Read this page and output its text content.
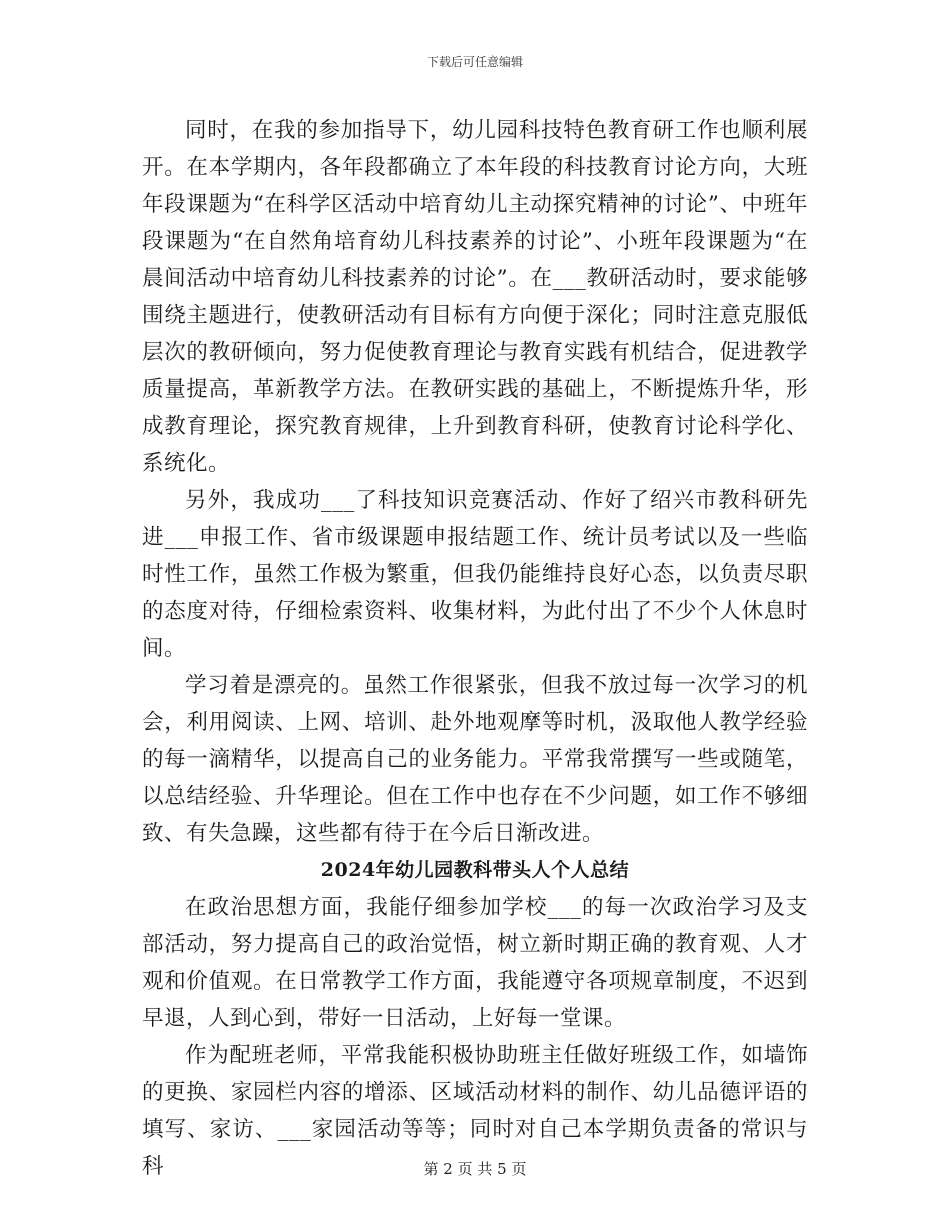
下载后可任意编辑

同时，在我的参加指导下，幼儿园科技特色教育研工作也顺利展开。在本学期内，各年段都确立了本年段的科技教育讨论方向，大班年段课题为“在科学区活动中培育幼儿主动探究精神的讨论”、中班年段课题为“在自然角培育幼儿科技素养的讨论”、小班年段课题为“在晨间活动中培育幼儿科技素养的讨论”。在___教研活动时，要求能够围绕主题进行，使教研活动有目标有方向便于深化；同时注意克服低层次的教研倾向，努力促使教育理论与教育实践有机结合，促进教学质量提高，革新教学方法。在教研实践的基础上，不断提炼升华，形成教育理论，探究教育规律，上升到教育科研，使教育讨论科学化、系统化。

另外，我成功___了科技知识竞赛活动、作好了绍兴市教科研先进___申报工作、省市级课题申报结题工作、统计员考试以及一些临时性工作，虽然工作极为繁重，但我仍能维持良好心态，以负责尽职的态度对待，仔细检索资料、收集材料，为此付出了不少个人休息时间。

学习着是漂亮的。虽然工作很紧张，但我不放过每一次学习的机会，利用阅读、上网、培训、赴外地观摩等时机，汲取他人教学经验的每一滴精华，以提高自己的业务能力。平常我常撰写一些或随笔，以总结经验、升华理论。但在工作中也存在不少问题，如工作不够细致、有失急躁，这些都有待于在今后日渐改进。

2024年幼儿园教科带头人个人总结

在政治思想方面，我能仔细参加学校___的每一次政治学习及支部活动，努力提高自己的政治觉悟，树立新时期正确的教育观、人才观和价值观。在日常教学工作方面，我能遵守各项规章制度，不迟到早退，人到心到，带好一日活动，上好每一堂课。

作为配班老师，平常我能积极协助班主任做好班级工作，如墙饰的更换、家园栏内容的增添、区域活动材料的制作、幼儿品德评语的填写、家访、___家园活动等等；同时对自己本学期负责备的常识与科	第 2 页 共 5 页
